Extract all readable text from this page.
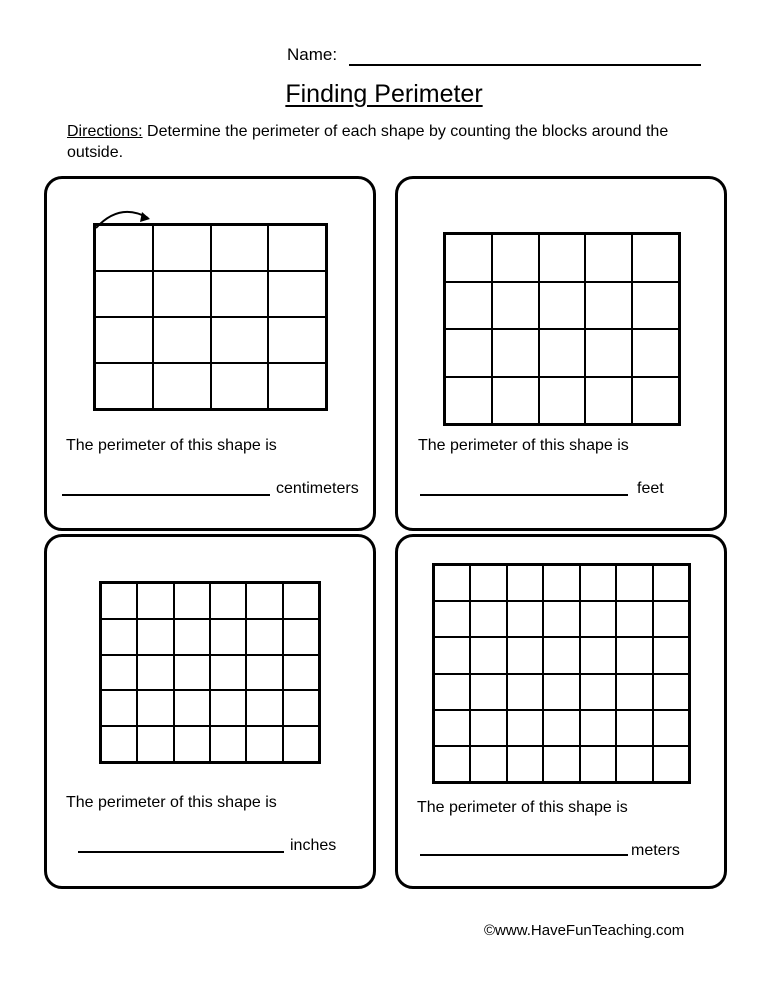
Name:
Finding Perimeter
Directions: Determine the perimeter of each shape by counting the blocks around the outside.
The perimeter of this shape is
centimeters
The perimeter of this shape is
feet
The perimeter of this shape is
inches
The perimeter of this shape is
meters
©www.HaveFunTeaching.com
